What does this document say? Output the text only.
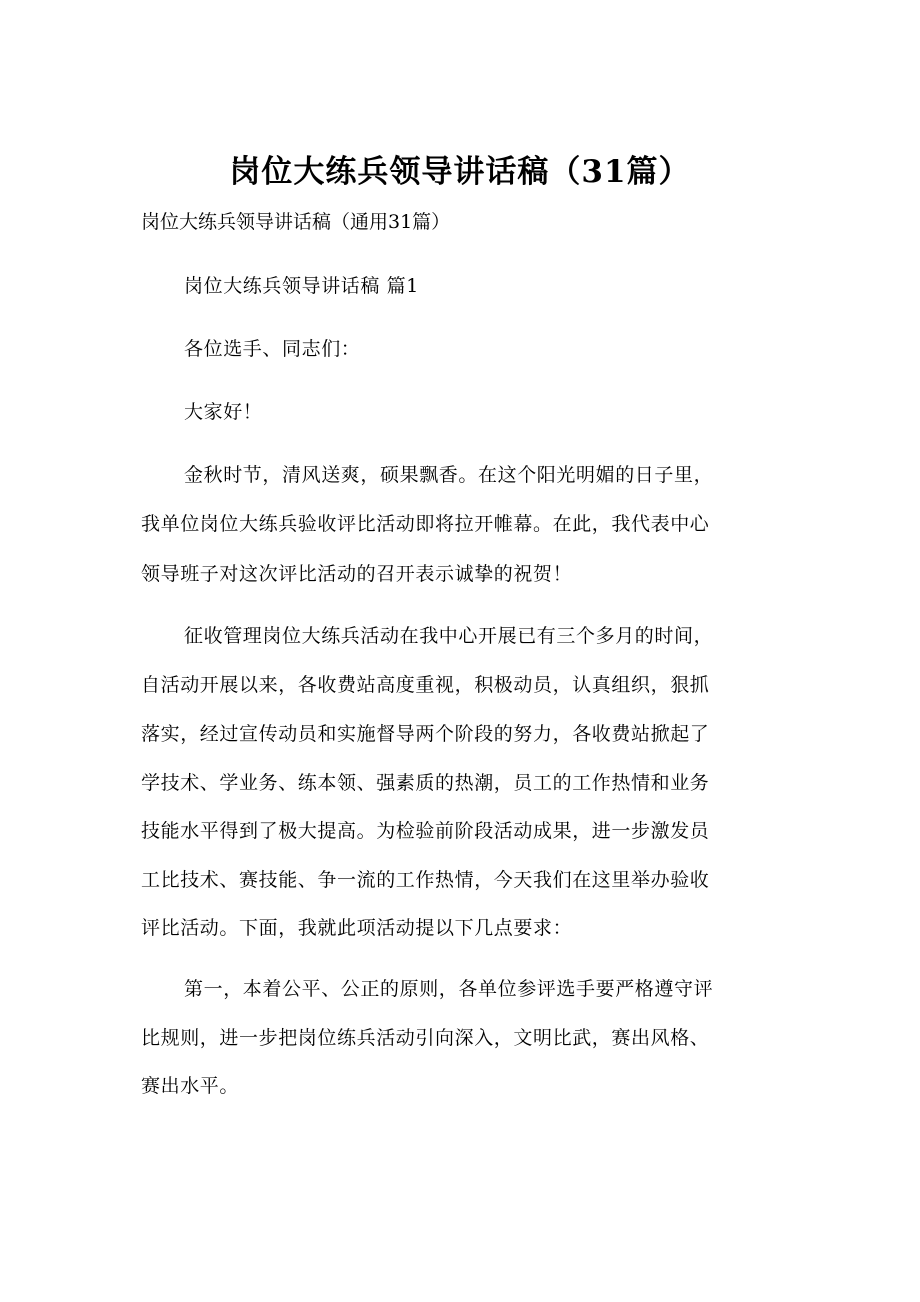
岗位大练兵领导讲话稿（31篇）
岗位大练兵领导讲话稿（通用31篇）
岗位大练兵领导讲话稿 篇1
各位选手、同志们：
大家好！
金秋时节，清风送爽，硕果飘香。在这个阳光明媚的日子里，
我单位岗位大练兵验收评比活动即将拉开帷幕。在此，我代表中心
领导班子对这次评比活动的召开表示诚挚的祝贺！
征收管理岗位大练兵活动在我中心开展已有三个多月的时间，
自活动开展以来，各收费站高度重视，积极动员，认真组织，狠抓
落实，经过宣传动员和实施督导两个阶段的努力，各收费站掀起了
学技术、学业务、练本领、强素质的热潮，员工的工作热情和业务
技能水平得到了极大提高。为检验前阶段活动成果，进一步激发员
工比技术、赛技能、争一流的工作热情，今天我们在这里举办验收
评比活动。下面，我就此项活动提以下几点要求：
第一，本着公平、公正的原则，各单位参评选手要严格遵守评
比规则，进一步把岗位练兵活动引向深入，文明比武，赛出风格、
赛出水平。
